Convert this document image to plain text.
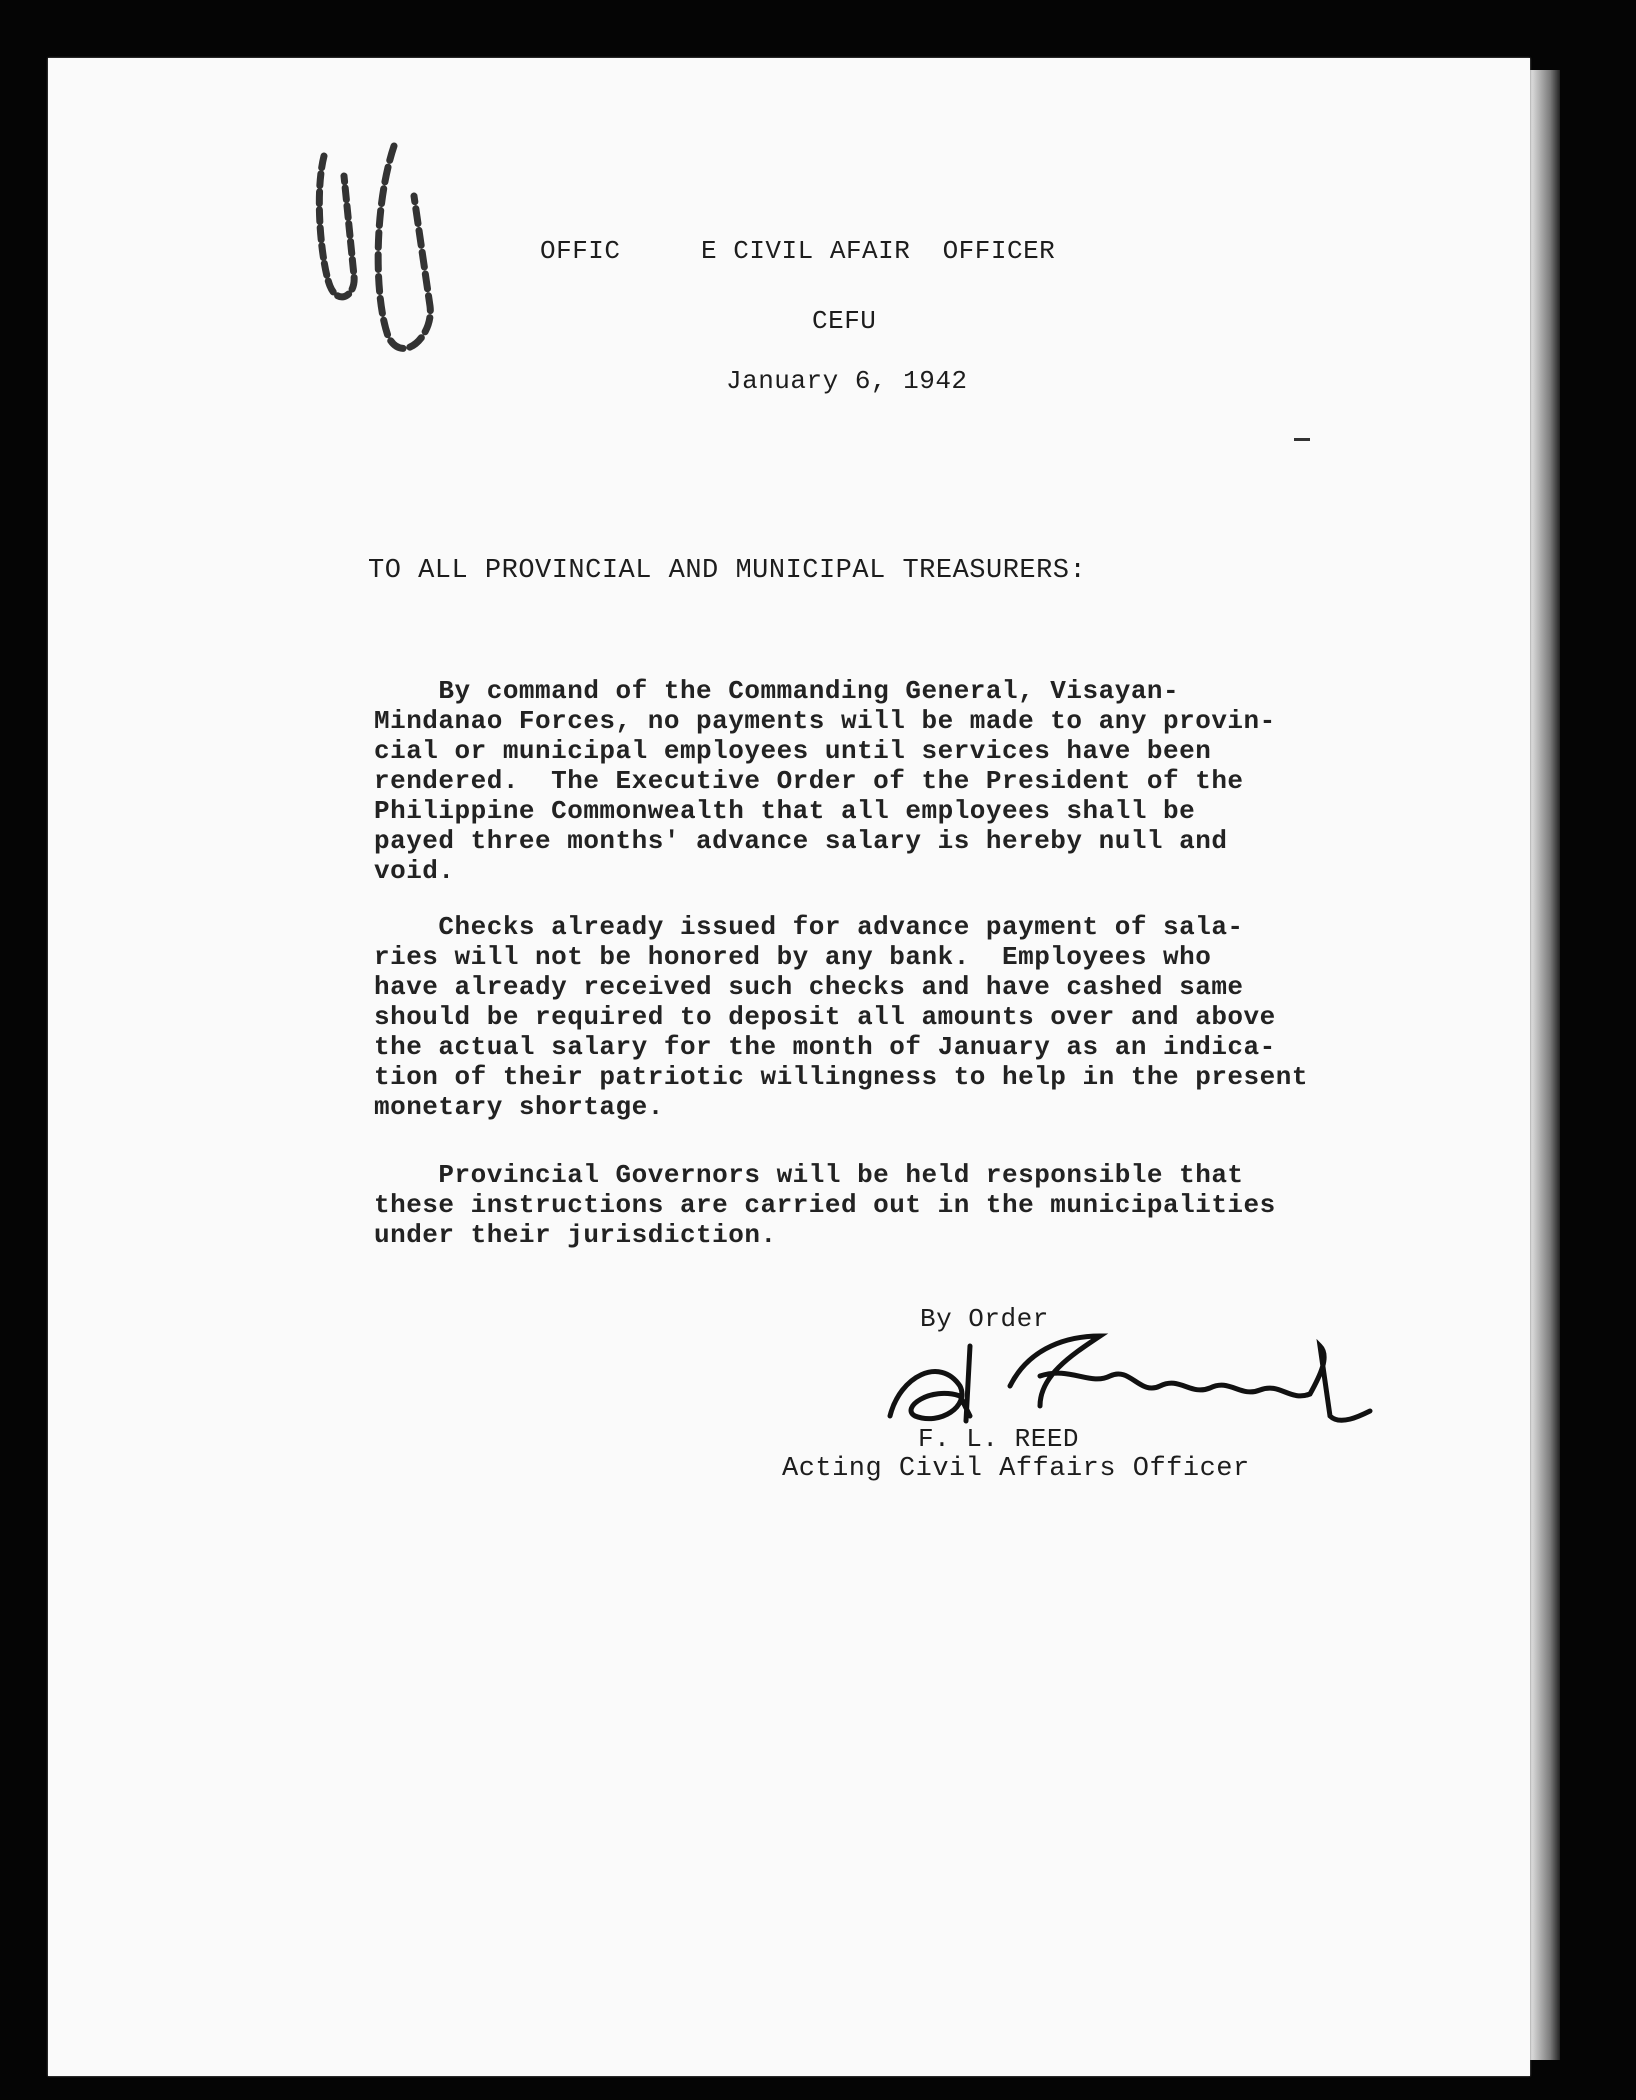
OFFIC     E CIVIL AFAIR  OFFICER
CEFU
January 6, 1942
TO ALL PROVINCIAL AND MUNICIPAL TREASURERS:
By command of the Commanding General, Visayan-
Mindanao Forces, no payments will be made to any provin-
cial or municipal employees until services have been
rendered.  The Executive Order of the President of the
Philippine Commonwealth that all employees shall be
payed three months' advance salary is hereby null and
void.
Checks already issued for advance payment of sala-
ries will not be honored by any bank.  Employees who
have already received such checks and have cashed same
should be required to deposit all amounts over and above
the actual salary for the month of January as an indica-
tion of their patriotic willingness to help in the present
monetary shortage.
Provincial Governors will be held responsible that
these instructions are carried out in the municipalities
under their jurisdiction.
By Order
F. L. REED
Acting Civil Affairs Officer
